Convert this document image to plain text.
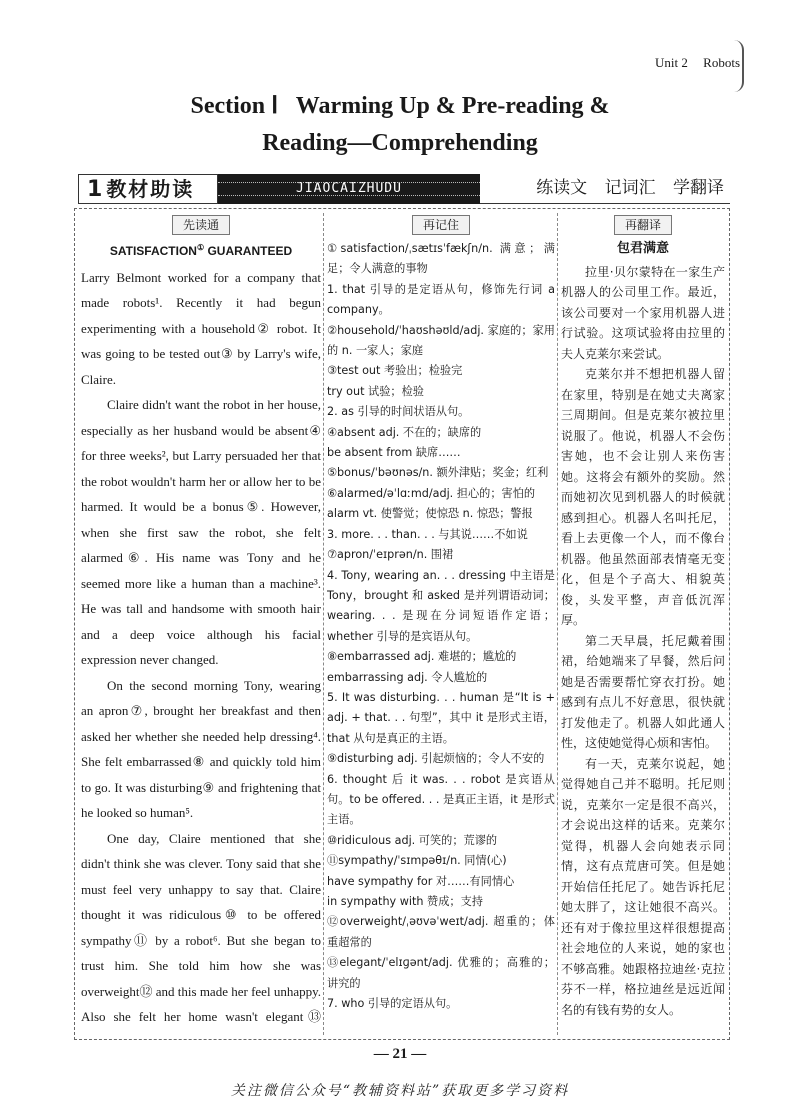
Unit 2 Robots
Section Ⅰ   Warming Up & Pre-reading &
Reading—Comprehending
1 教材助读	JIAOCAIZHUDU	练读文 记词汇 学翻译
先读通

SATISFACTION① GUARANTEED

Larry Belmont worked for a company that made robots¹. Recently it had begun experimenting with a household② robot. It was going to be tested out③ by Larry's wife, Claire.

Claire didn't want the robot in her house, especially as her husband would be absent④ for three weeks², but Larry persuaded her that the robot wouldn't harm her or allow her to be harmed. It would be a bonus⑤. However, when she first saw the robot, she felt alarmed⑥. His name was Tony and he seemed more like a human than a machine³. He was tall and handsome with smooth hair and a deep voice although his facial expression never changed.

On the second morning Tony, wearing an apron⑦, brought her breakfast and then asked her whether she needed help dressing⁴. She felt embarrassed⑧ and quickly told him to go. It was disturbing⑨ and frightening that he looked so human⁵.

One day, Claire mentioned that she didn't think she was clever. Tony said that she must feel very unhappy to say that. Claire thought it was ridiculous⑩ to be offered sympathy⑪ by a robot⁶. But she began to trust him. She told him how she was overweight⑫ and this made her feel unhappy. Also she felt her home wasn't elegant⑬

再记住
①satisfaction/ˌsætɪsˈfækʃn/n. 满意；满足；令人满意的事物
1. that 引导的是定语从句，修饰先行词 a company。
②household/ˈhaʊshəʊld/adj. 家庭的；家用的 n. 一家人；家庭
③test out 考验出；检验完
try out 试验；检验
2. as 引导的时间状语从句。
④absent adj. 不在的；缺席的
be absent from 缺席……
⑤bonus/ˈbəʊnəs/n. 额外津贴；奖金；红利
⑥alarmed/əˈlɑːmd/adj. 担心的；害怕的
alarm vt. 使警觉；使惊恐 n. 惊恐；警报
3. more. . . than. . . 与其说……不如说
⑦apron/ˈeɪprən/n. 围裙
4. Tony, wearing an. . . dressing 中主语是 Tony，brought 和 asked 是并列谓语动词；wearing. . . 是现在分词短语作定语；whether 引导的是宾语从句。
⑧embarrassed adj. 难堪的；尴尬的
embarrassing adj. 令人尴尬的
5. It was disturbing. . . human 是“It is + adj. + that. . . 句型”，其中 it 是形式主语，that 从句是真正的主语。
⑨disturbing adj. 引起烦恼的；令人不安的
6. thought 后 it was. . . robot 是宾语从句。to be offered. . . 是真正主语，it 是形式主语。
⑩ridiculous adj. 可笑的；荒谬的
⑪sympathy/ˈsɪmpəθɪ/n. 同情(心)
have sympathy for 对……有同情心
in sympathy with 赞成；支持
⑫overweight/ˌəʊvəˈweɪt/adj. 超重的；体重超常的
⑬elegant/ˈelɪɡənt/adj. 优雅的；高雅的；讲究的
7. who 引导的定语从句。
再翻译
包君满意

拉里·贝尔蒙特在一家生产机器人的公司里工作。最近，该公司要对一个家用机器人进行试验。这项试验将由拉里的夫人克莱尔来尝试。

克莱尔并不想把机器人留在家里，特别是在她丈夫离家三周期间。但是克莱尔被拉里说服了。他说，机器人不会伤害她，也不会让别人来伤害她。这将会有额外的奖励。然而她初次见到机器人的时候就感到担心。机器人名叫托尼，看上去更像一个人，而不像台机器。他虽然面部表情毫无变化，但是个子高大、相貌英俊，头发平整，声音低沉浑厚。

第二天早晨，托尼戴着围裙，给她端来了早餐，然后问她是否需要帮忙穿衣打扮。她感到有点儿不好意思，很快就打发他走了。机器人如此通人性，这使她觉得心烦和害怕。

有一天，克莱尔说起，她觉得她自己并不聪明。托尼则说，克莱尔一定是很不高兴，才会说出这样的话来。克莱尔觉得，机器人会向她表示同情，这有点荒唐可笑。但是她开始信任托尼了。她告诉托尼她太胖了，这让她很不高兴。还有对于像拉里这样很想提高社会地位的人来说，她的家也不够高雅。她跟格拉迪丝·克拉芬不一样，格拉迪丝是远近闻名的有钱有势的女人。

— 21 —
关注微信公众号“教辅资料站”获取更多学习资料
